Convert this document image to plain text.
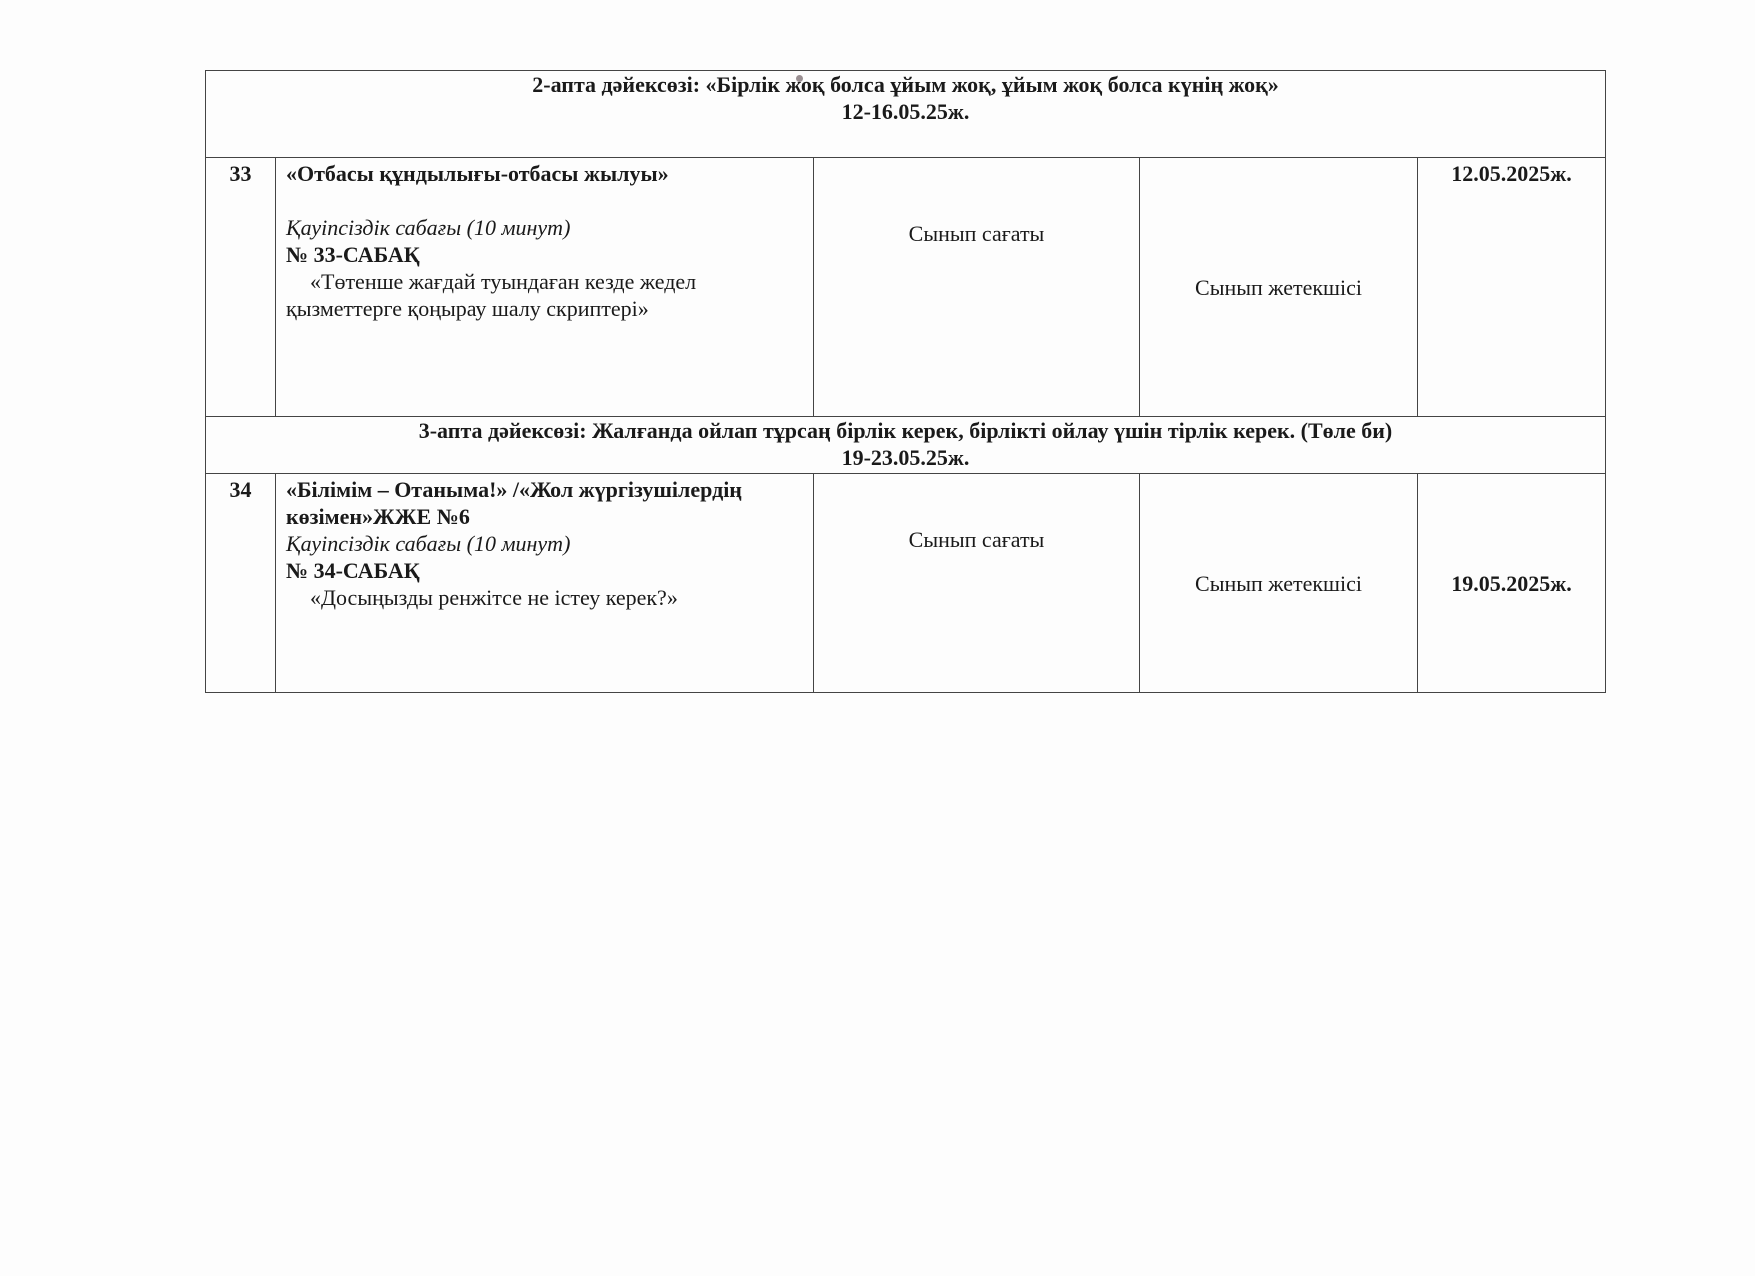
2-апта дәйексөзі: «Бірлік жоқ болса ұйым жоқ, ұйым жоқ болса күнің жоқ»
12-16.05.25ж.				

33	«Отбасы құндылығы-отбасы жылуы»
Қауіпсіздік сабағы (10 минут)
№ 33-САБАҚ
«Төтенше жағдай туындаған кезде жедел қызметтерге қоңырау шалу скриптері»	Сынып сағаты	Сынып жетекшісі	12.05.2025ж.

3-апта дәйексөзі: Жалғанда ойлап тұрсаң бірлік керек, бірлікті ойлау үшін тірлік керек. (Төле би)
19-23.05.25ж.				

34	«Білімім – Отаныма!» /«Жол жүргізушілердің көзімен»ЖЖЕ №6
Қауіпсіздік сабағы (10 минут)
№ 34-САБАҚ
«Досыңызды ренжітсе не істеу керек?»	Сынып сағаты	Сынып жетекшісі	19.05.2025ж.
